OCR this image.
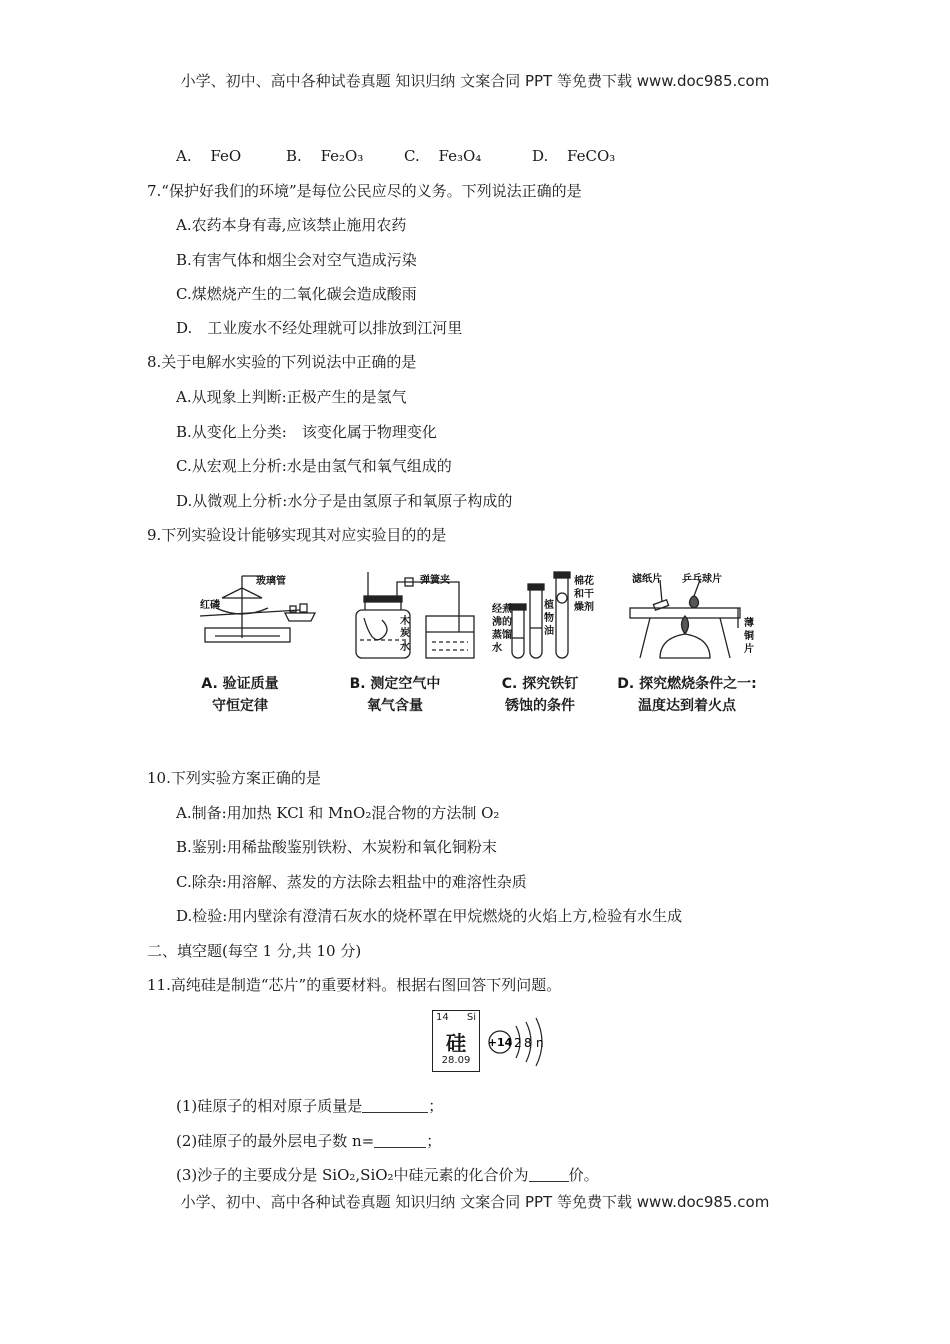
小学、初中、高中各种试卷真题 知识归纳 文案合同 PPT 等免费下载 www.doc985.com
A. FeO	B. Fe₂O₃	C. Fe₃O₄	D. FeCO₃
7.“保护好我们的环境”是每位公民应尽的义务。下列说法正确的是
A.农药本身有毒,应该禁止施用农药
B.有害气体和烟尘会对空气造成污染
C.煤燃烧产生的二氧化碳会造成酸雨
D.　工业废水不经处理就可以排放到江河里
8.关于电解水实验的下列说法中正确的是
A.从现象上判断:正极产生的是氢气
B.从变化上分类:　该变化属于物理变化
C.从宏观上分析:水是由氢气和氧气组成的
D.从微观上分析:水分子是由氢原子和氧原子构成的
9.下列实验设计能够实现其对应实验目的的是
玻璃管
红磷
弹簧夹
木
炭
水
经煮
沸的
蒸馏
水
植
物
油
棉花
和干
燥剂
滤纸片 乒乓球片
薄
铜
片
A. 验证质量
守恒定律
B. 测定空气中
氧气含量
C. 探究铁钉
锈蚀的条件
D. 探究燃烧条件之一:
温度达到着火点
10.下列实验方案正确的是
A.制备:用加热 KCl 和 MnO₂混合物的方法制 O₂
B.鉴别:用稀盐酸鉴别铁粉、木炭粉和氧化铜粉末
C.除杂:用溶解、蒸发的方法除去粗盐中的难溶性杂质
D.检验:用内壁涂有澄清石灰水的烧杯罩在甲烷燃烧的火焰上方,检验有水生成
二、填空题(每空 1 分,共 10 分)
11.高纯硅是制造“芯片”的重要材料。根据右图回答下列问题。
14 Si
硅
28.09
+14 2 8 n
(1)硅原子的相对原子质量是	；
(2)硅原子的最外层电子数 n=	；
(3)沙子的主要成分是 SiO₂,SiO₂中硅元素的化合价为	价。
小学、初中、高中各种试卷真题 知识归纳 文案合同 PPT 等免费下载 www.doc985.com
